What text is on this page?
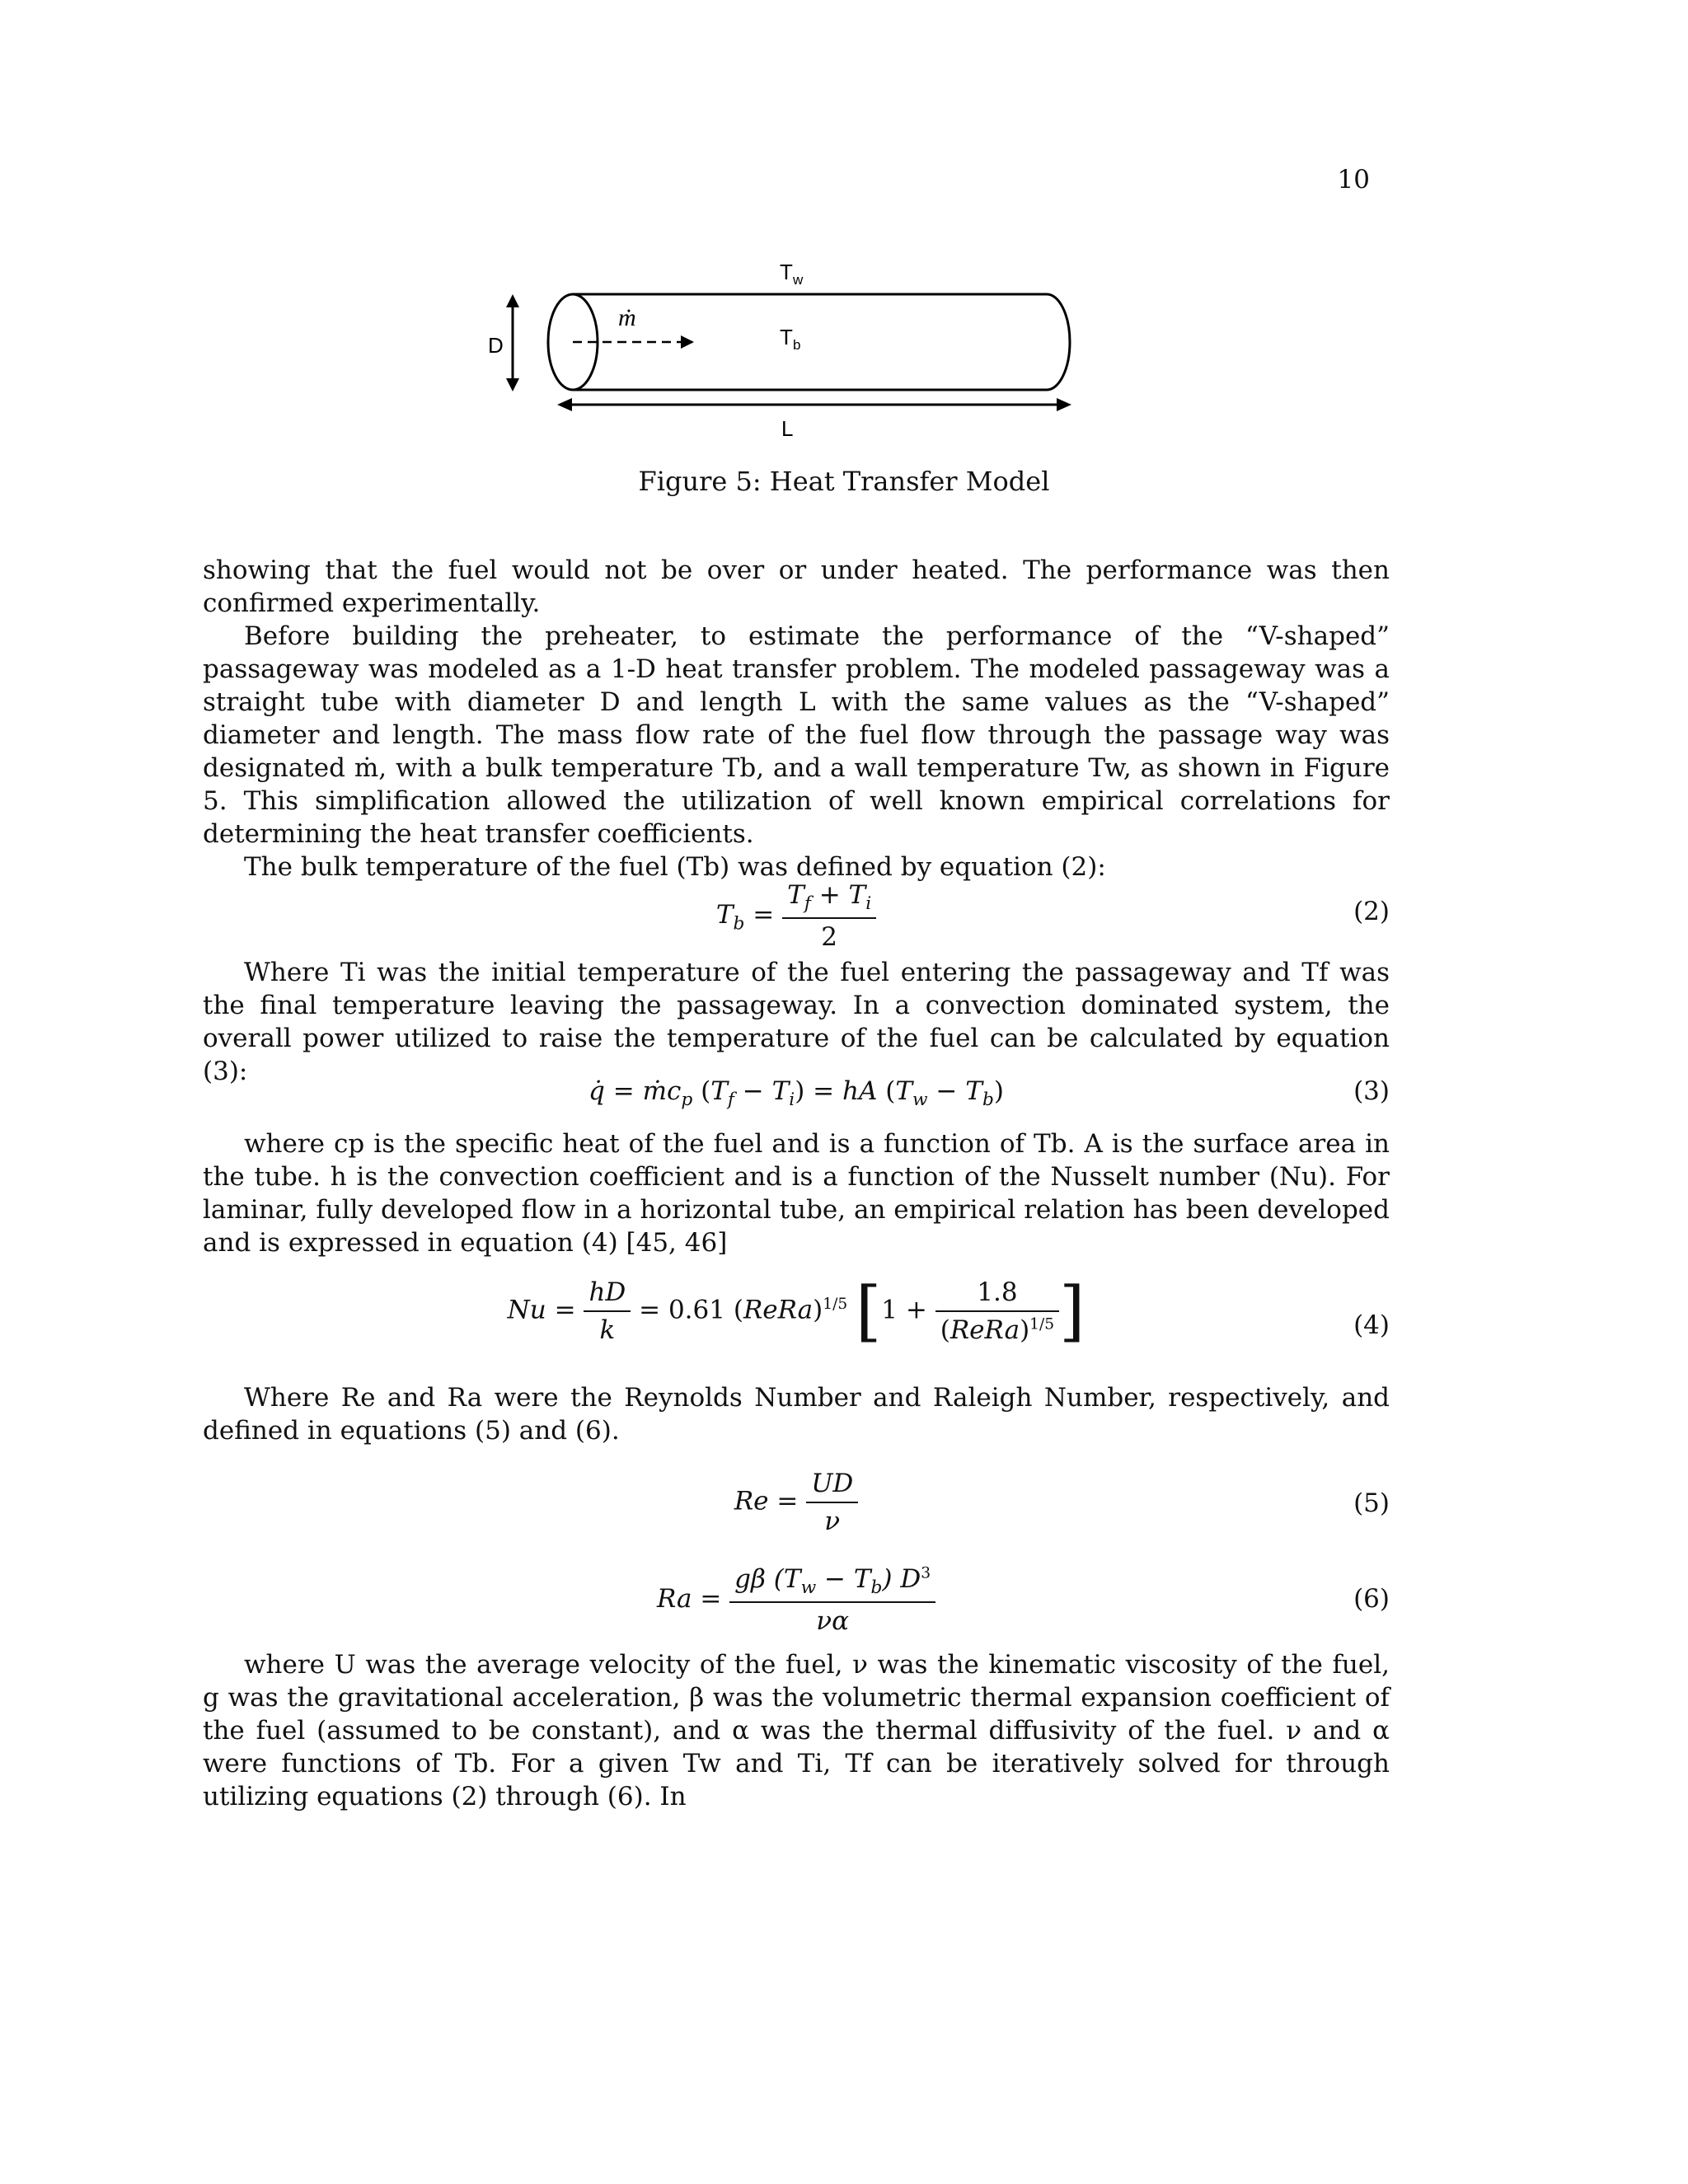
10
D
ṁ
T w
T b
L
Figure 5: Heat Transfer Model

showing that the fuel would not be over or under heated. The performance was then confirmed experimentally.

Before building the preheater, to estimate the performance of the “V-shaped” passageway was modeled as a 1-D heat transfer problem. The modeled passageway was a straight tube with diameter D and length L with the same values as the “V-shaped” diameter and length. The mass flow rate of the fuel flow through the passage way was designated ṁ, with a bulk temperature Tb, and a wall temperature Tw, as shown in Figure 5. This simplification allowed the utilization of well known empirical correlations for determining the heat transfer coefficients.

The bulk temperature of the fuel (Tb) was defined by equation (2):

$T_b = \frac{T_f + T_i}{2}$	(2)

Where Ti was the initial temperature of the fuel entering the passageway and Tf was the final temperature leaving the passageway. In a convection dominated system, the overall power utilized to raise the temperature of the fuel can be calculated by equation (3):

q̇ = ṁc$_p$ $(T_f - T_i)$ = hA $(T_w - T_b)$	(3)

where cp is the specific heat of the fuel and is a function of Tb. A is the surface area in the tube. h is the convection coefficient and is a function of the Nusselt number (Nu). For laminar, fully developed flow in a horizontal tube, an empirical relation has been developed and is expressed in equation (4) [45, 46]

$Nu = \frac{hD}{k} = 0.61$ (ReRa)$^{1/5}$ [$1 + \frac{1.8}{(ReRa)^{1/5}}$ ]	(4)

Where Re and Ra were the Reynolds Number and Raleigh Number, respectively, and defined in equations (5) and (6).

$Re = \frac{UD}{\nu}$	(5)
$Ra = \frac{g\beta (T_w - T_b) D^3}{\nu\alpha}$	(6)

where U was the average velocity of the fuel, ν was the kinematic viscosity of the fuel, g was the gravitational acceleration, β was the volumetric thermal expansion coefficient of the fuel (assumed to be constant), and α was the thermal diffusivity of the fuel. ν and α were functions of Tb. For a given Tw and Ti, Tf can be iteratively solved for through utilizing equations (2) through (6). In
